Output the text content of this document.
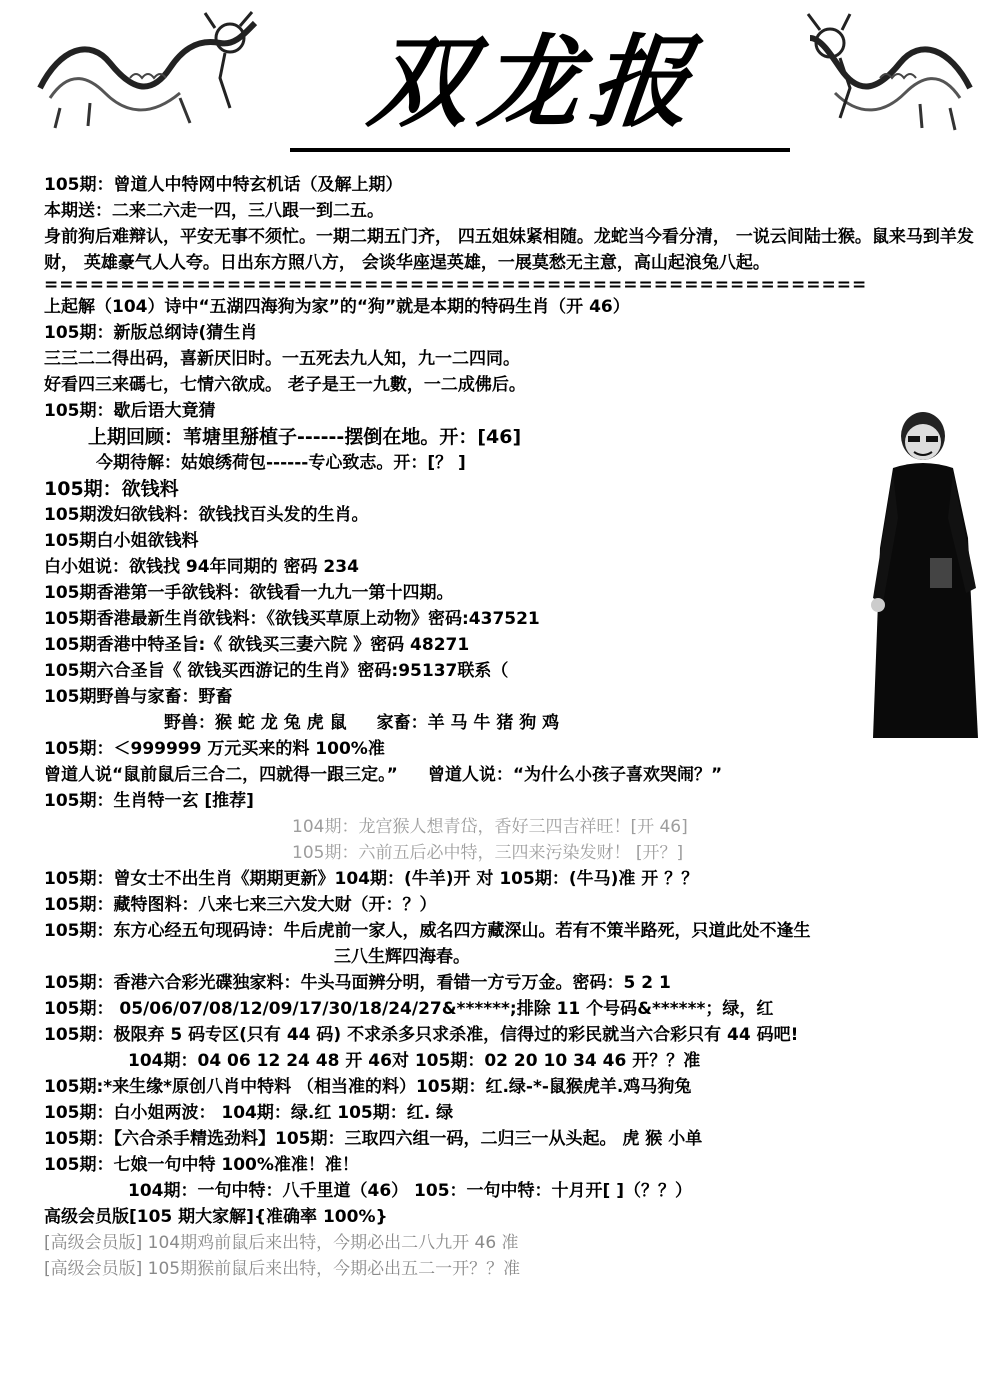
双龙报
105期：曾道人中特网中特玄机话（及解上期）
本期送：二来二六走一四，三八跟一到二五。
身前狗后难辩认，平安无事不须忙。一期二期五门齐， 四五姐妹紧相随。龙蛇当今看分清， 一说云间陆士猴。鼠来马到羊发财， 英雄豪气人人夸。日出东方照八方， 会谈华座逞英雄，一展莫愁无主意，高山起浪兔八起。
======================================================
上起解（104）诗中“五湖四海狗为家”的“狗”就是本期的特码生肖（开 46）
105期：新版总纲诗(猜生肖
三三二二得出码，喜新厌旧时。一五死去九人知，九一二四同。
好看四三来碼七，七情六欲成。 老子是王一九數，一二成佛后。
105期：歇后语大竟猜
上期回顾：苇塘里掰植子------摆倒在地。开：[46]
今期待解：姑娘绣荷包------专心致志。开：[？ ]
105期：欲钱料
105期泼妇欲钱料：欲钱找百头发的生肖。
105期白小姐欲钱料
白小姐说：欲钱找 94年同期的 密码 234
105期香港第一手欲钱料：欲钱看一九九一第十四期。
105期香港最新生肖欲钱料：《欲钱买草原上动物》密码:437521
105期香港中特圣旨:《 欲钱买三妻六院 》密码 48271
105期六合圣旨《 欲钱买西游记的生肖》密码:95137联系（
105期野兽与家畜：野畜
野兽：猴 蛇 龙 兔 虎 鼠 家畜：羊 马 牛 猪 狗 鸡
105期：＜999999 万元买来的料 100%准
曾道人说“鼠前鼠后三合二，四就得一跟三定。” 曾道人说：“为什么小孩子喜欢哭闹？”
105期：生肖特一玄 [推荐]
104期：龙宫猴人想青岱，香好三四吉祥旺！[开 46]
105期：六前五后必中特，三四来污染发财！ [开？]
105期：曾女士不出生肖《期期更新》104期：(牛羊)开 对 105期：(牛马)准 开 ？？
105期：藏特图料：八来七来三六发大财（开：？）
105期：东方心经五句现码诗：牛后虎前一家人，威名四方藏深山。若有不策半路死，只道此处不逢生
三八生辉四海春。
105期：香港六合彩光碟独家料：牛头马面辨分明，看错一方亏万金。密码：5 2 1
105期： 05/06/07/08/12/09/17/30/18/24/27&******;排除 11 个号码&******；绿，红
105期：极限弃 5 码专区(只有 44 码) 不求杀多只求杀准，信得过的彩民就当六合彩只有 44 码吧!
104期：04 06 12 24 48 开 46对 105期：02 20 10 34 46 开？？准
105期:*来生缘*原创八肖中特料 （相当准的料）105期：红.绿-*-鼠猴虎羊.鸡马狗兔
105期：白小姐两波： 104期：绿.红 105期：红. 绿
105期：【六合杀手精选劲料】105期：三取四六组一码，二归三一从头起。 虎 猴 小单
105期：七娘一句中特 100%准准！准！
104期：一句中特：八千里道（46） 105：一句中特：十月开[ ]（？？）
高级会员版[105 期大家解]{准确率 100%}
[高级会员版] 104期鸡前鼠后来出特，今期必出二八九开 46 准
[高级会员版] 105期猴前鼠后来出特，今期必出五二一开？？准
